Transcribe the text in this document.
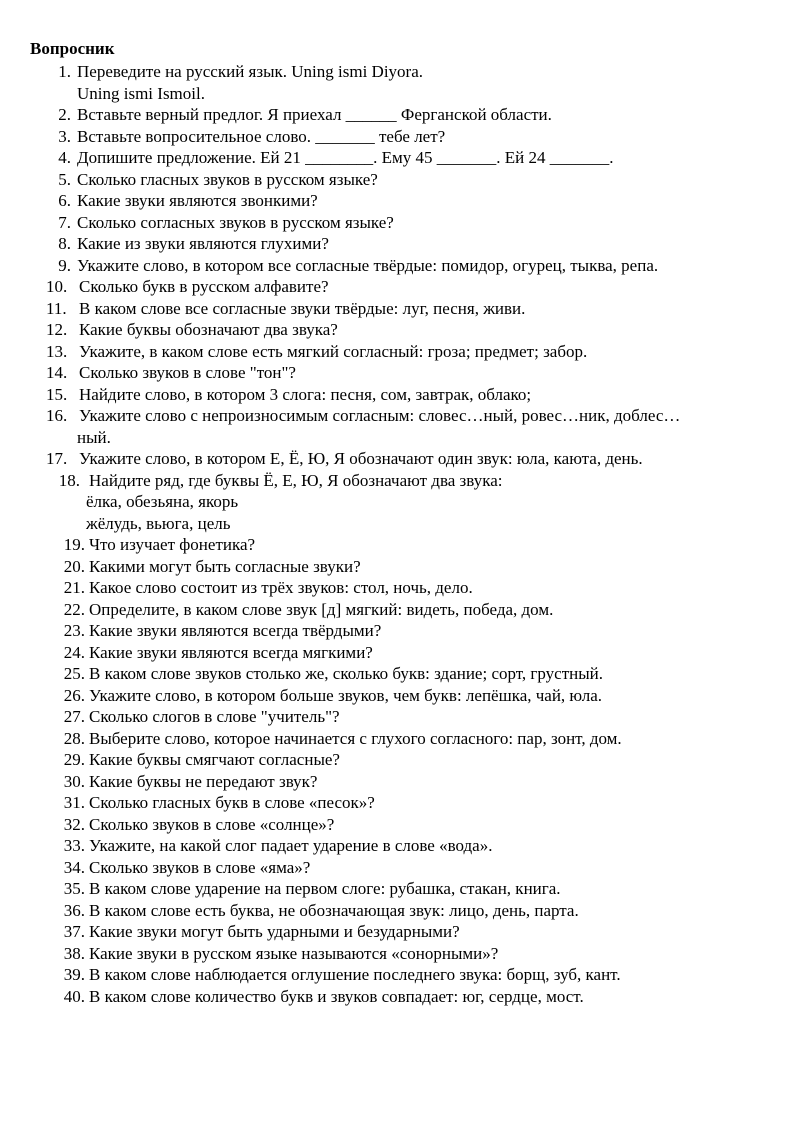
Вопросник
1. Переведите на русский язык. Uning ismi Diyora.
Uning ismi Ismoil.
2. Вставьте верный предлог. Я приехал ______ Ферганской области.
3. Вставьте вопросительное слово. _______ тебе лет?
4. Допишите предложение. Ей 21 ________. Ему 45 _______. Ей 24 _______.
5. Сколько гласных звуков в русском языке?
6. Какие звуки являются звонкими?
7. Сколько согласных звуков в русском языке?
8. Какие из звуки являются глухими?
9. Укажите слово, в котором все согласные твёрдые: помидор, огурец, тыква, репа.
10. Сколько букв в русском алфавите?
11. В каком слове все согласные звуки твёрдые: луг, песня, живи.
12. Какие буквы обозначают два звука?
13. Укажите, в каком слове есть мягкий согласный: гроза; предмет; забор.
14. Сколько звуков в слове "тон"?
15. Найдите слово, в котором 3 слога: песня, сом, завтрак, облако;
16. Укажите слово с непроизносимым согласным: словес…ный, ровес…ник, доблес…
ный.
17. Укажите слово, в котором Е, Ё, Ю, Я обозначают один звук: юла, каюта, день.
18. Найдите ряд, где буквы Ё, Е, Ю, Я обозначают два звука:
ёлка, обезьяна, якорь
жёлудь, вьюга, цель
19. Что изучает фонетика?
20. Какими могут быть согласные звуки?
21. Какое слово состоит из трёх звуков: стол, ночь, дело.
22. Определите, в каком слове звук [д] мягкий: видеть, победа, дом.
23. Какие звуки являются всегда твёрдыми?
24. Какие звуки являются всегда мягкими?
25. В каком слове звуков столько же, сколько букв: здание; сорт, грустный.
26. Укажите слово, в котором больше звуков, чем букв: лепёшка, чай, юла.
27. Сколько слогов в слове "учитель"?
28. Выберите слово, которое начинается с глухого согласного: пар, зонт, дом.
29. Какие буквы смягчают согласные?
30. Какие буквы не передают звук?
31. Сколько гласных букв в слове «песок»?
32. Сколько звуков в слове «солнце»?
33. Укажите, на какой слог падает ударение в слове «вода».
34. Сколько звуков в слове «яма»?
35. В каком слове ударение на первом слоге: рубашка, стакан, книга.
36. В каком слове есть буква, не обозначающая звук: лицо, день, парта.
37. Какие звуки могут быть ударными и безударными?
38. Какие звуки в русском языке называются «сонорными»?
39. В каком слове наблюдается оглушение последнего звука: борщ, зуб, кант.
40. В каком слове количество букв и звуков совпадает: юг, сердце, мост.
